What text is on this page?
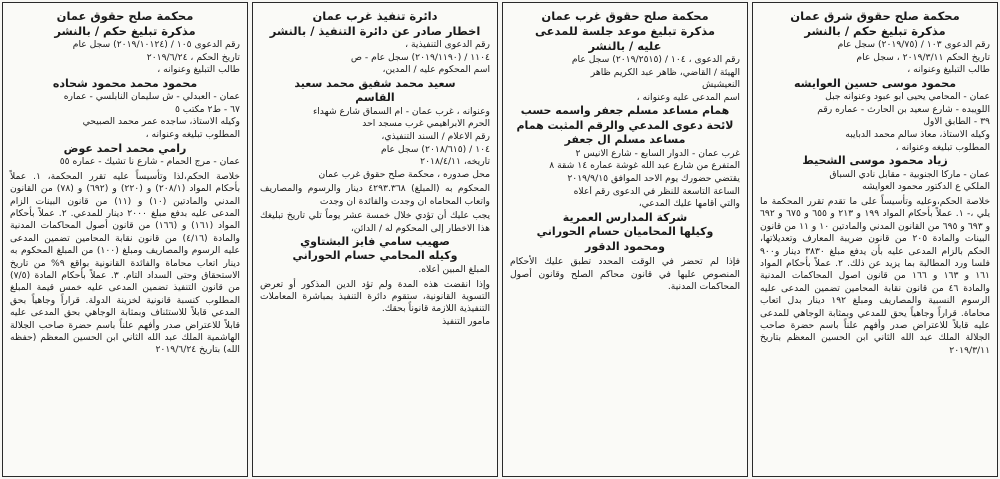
محكمة صلح حقوق شرق عمان
مذكرة تبليغ حكم / بالنشر
رقم الدعوى ١٠٣ / (٢٠١٩/٧٥) سجل عام
تاريخ الحكم ٢٠١٩/٣/١١ ، سجل عام
طالب التبليغ وعنوانه ،
محمود موسى حسين العوايشه
عمان - المحامي يحيى ابو عبود وعنوانه جبل
اللويبده - شارع سعيد بن الحارث - عماره رقم
٣٩ - الطابق الاول
وكيله الاستاذ، معاذ سالم محمد الدبايبه
المطلوب تبليغه وعنوانه ،
زياد محمود موسى الشحيط
عمان - ماركا الجنوبية - مقابل نادي السباق
الملكي ع الدكتور محمود العوايشه
خلاصة الحكم،وعليه وتأسيساً على ما تقدم تقرر المحكمة ما يلي ،- ١. عملاً بأحكام المواد ١٩٩ و ٢١٣ و ٦٥٥ و ٦٧٥ و ٦٩٢ و ٦٩٣ و ٦٩٥ من القانون المدني والمادتين ١٠ و ١١ من قانون البينات والمادة ٢٠٥ من قانون ضريبة المعارف وتعديلاتها، الحكم بالزام المدعى عليه بأن يدفع مبلغ ٣٨٣٠ دينار و٩٠٠ فلسا ورد المطالبة بما يزيد عن ذلك. ٢. عملاً بأحكام المواد ١٦١ و ١٦٣ و ١٦٦ من قانون اصول المحاكمات المدنية والمادة ٤٦ من قانون نقابة المحامين تضمين المدعى عليه الرسوم النسبية والمصاريف ومبلغ ١٩٢ دينار بدل اتعاب محاماة. قراراً وجاهياً يحق للمدعي وبمثابة الوجاهي للمدعى عليه قابلاً للاعتراض صدر وأفهم علناً باسم حضرة صاحب الجلالة الملك عبد الله الثاني ابن الحسين المعظم بتاريخ ٢٠١٩/٣/١١
محكمة صلح حقوق غرب عمان
مذكرة تبليغ موعد جلسة للمدعى
عليه / بالنشر
رقم الدعوى ، ١٠٤ / (٢٠١٩/٢٥١٥) سجل عام
الهيئة / القاضي، ظاهر عبد الكريم ظاهر
النعيشيش
اسم المدعى عليه وعنوانه ،
همام مساعد مسلم جعفر واسمه حسب
لائحة دعوى المدعي والرقم المثبت همام
مساعد مسلم ال جعفر
غرب عمان - الدوار السابع - شارع الانيس ٢
المتفرع من شارع عبد الله غوشة عماره ١٤ شقة ٨
يقتضي حضورك يوم الاحد الموافق ٢٠١٩/٩/١٥
الساعة التاسعة للنظر في الدعوى رقم أعلاه
والتي أقامها عليك المدعي،
شركة المدارس العمرية
وكيلها المحاميان حسام الحوراني
ومحمود الدقور
فإذا لم تحضر في الوقت المحدد تطبق عليك الأحكام المنصوص عليها في قانون محاكم الصلح وقانون أصول المحاكمات المدنية.
دائرة تنفيذ غرب عمان
اخطار صادر عن دائرة التنفيذ / بالنشر
رقم الدعوى التنفيذية ،
١١٠٤ / (٢٠١٩/١١٩٠) سجل عام - ص
اسم المحكوم عليه / المدين،
سعيد محمد شفيق محمد سعيد
القاسم
وعنوانه ، غرب عمان - ام السماق شارع شهداء
الحرم الابراهيمي غرب مسجد احد
رقم الاعلام / السند التنفيذي،
١٠٤ / (٢٠١٨/٦١٥) سجل عام
تاريخه، ٢٠١٨/٤/١١
محل صدوره ، محكمة صلح حقوق غرب عمان
المحكوم به (المبلغ) ٤٢٩٣.٣٦٨ دينار والرسوم والمصاريف واتعاب المحاماه ان وجدت والفائدة ان وجدت
يجب عليك أن تؤدي خلال خمسة عشر يوماً تلي تاريخ تبليغك هذا الاخطار إلى المحكوم له / الدائن،
صهيب سامي فايز البشتاوي
وكيله المحامي حسام الحوراني
المبلغ المبين أعلاه.
وإذا انقضت هذه المدة ولم تؤد الدين المذكور أو تعرض التسوية القانونية، ستقوم دائرة التنفيذ بمباشرة المعاملات التنفيذية اللازمة قانوناً بحقك.
مأمور التنفيذ
محكمة صلح حقوق عمان
مذكرة تبليغ حكم / بالنشر
رقم الدعوى ١٠٥ / (٢٠١٩/١٠١٢٤) سجل عام
تاريخ الحكم ، ٢٠١٩/٦/٢٤
طالب التبليغ وعنوانه ،
محمود محمد محمود شحاده
عمان - العبدلي - ش سليمان النابلسي - عماره
٦٧ - ط٢ مكتب ٥
وكيله الاستاذ، ساجده عمر محمد الصبيحي
المطلوب تبليغه وعنوانه ،
رامي محمد احمد عوض
عمان - مرج الحمام - شارع نا تشيك - عماره ٥٥
خلاصة الحكم،لذا وتأسيساً عليه تقرر المحكمة، ١. عملاً بأحكام المواد (٢٠٨/١) و (٢٢٠) و (٦٩٢) و (٧٨) من القانون المدني والمادتين (١٠) و (١١) من قانون البينات الزام المدعى عليه بدفع مبلغ ٢٠٠٠ دينار للمدعي. ٢. عملاً بأحكام المواد (١٦١) و (١٦٦) من قانون أصول المحاكمات المدنية والمادة (٤/١٦) من قانون نقابة المحامين تضمين المدعى عليه الرسوم والمصاريف ومبلغ (١٠٠) من المبلغ المحكوم به دينار اتعاب محاماة والفائدة القانونية بواقع ٩% من تاريخ الاستحقاق وحتى السداد التام. ٣. عملاً بأحكام المادة (٧/٥) من قانون التنفيذ تضمين المدعى عليه خمس قيمة المبلغ المطلوب كنسبة قانونية لخزينة الدولة. قراراً وجاهياً بحق المدعي قابلاً للاستئناف وبمثابة الوجاهي بحق المدعى عليه قابلاً للاعتراض صدر وأفهم علناً باسم حضرة صاحب الجلالة الهاشمية الملك عبد الله الثاني ابن الحسين المعظم (حفظه الله) بتاريخ ٢٠١٩/٦/٢٤
